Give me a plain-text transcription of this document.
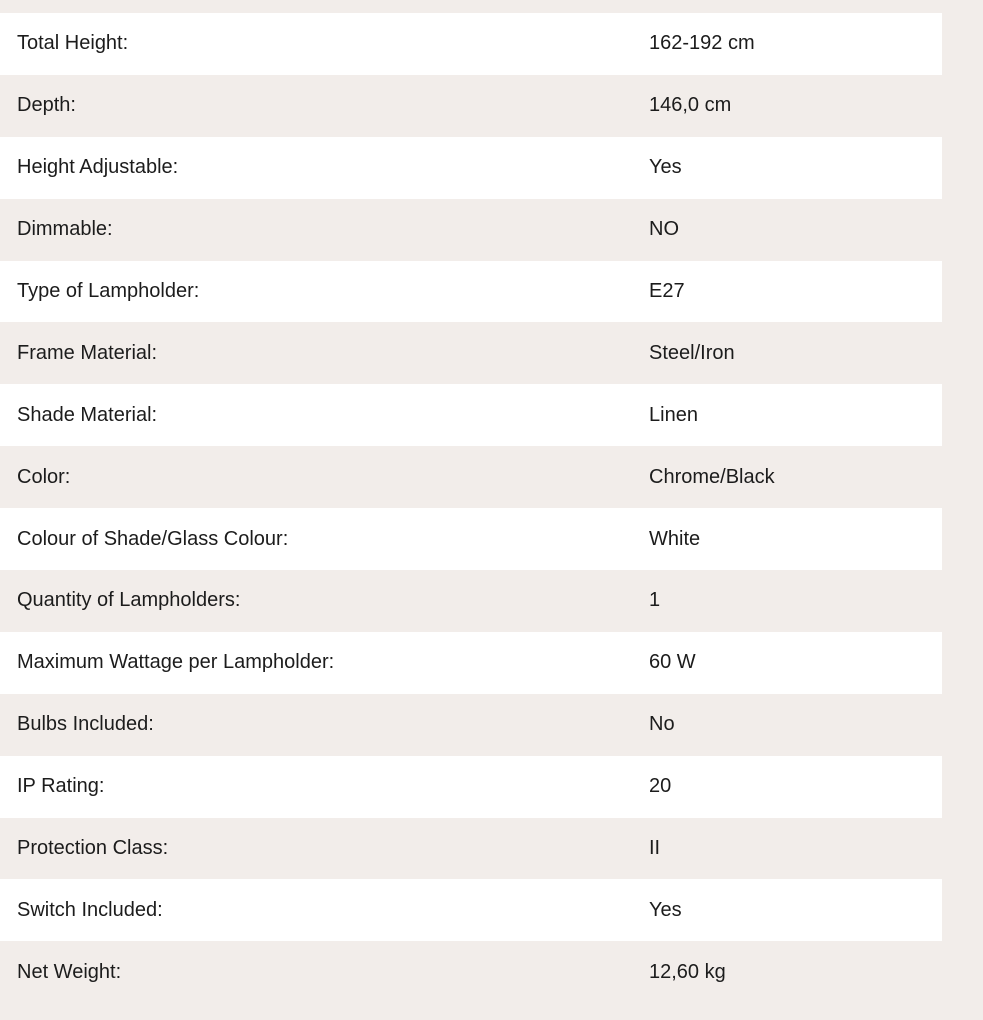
Total Height:	162-192 cm
Depth:	146,0 cm
Height Adjustable:	Yes
Dimmable:	NO
Type of Lampholder:	E27
Frame Material:	Steel/Iron
Shade Material:	Linen
Color:	Chrome/Black
Colour of Shade/Glass Colour:	White
Quantity of Lampholders:	1
Maximum Wattage per Lampholder:	60 W
Bulbs Included:	No
IP Rating:	20
Protection Class:	II
Switch Included:	Yes
Net Weight:	12,60 kg
